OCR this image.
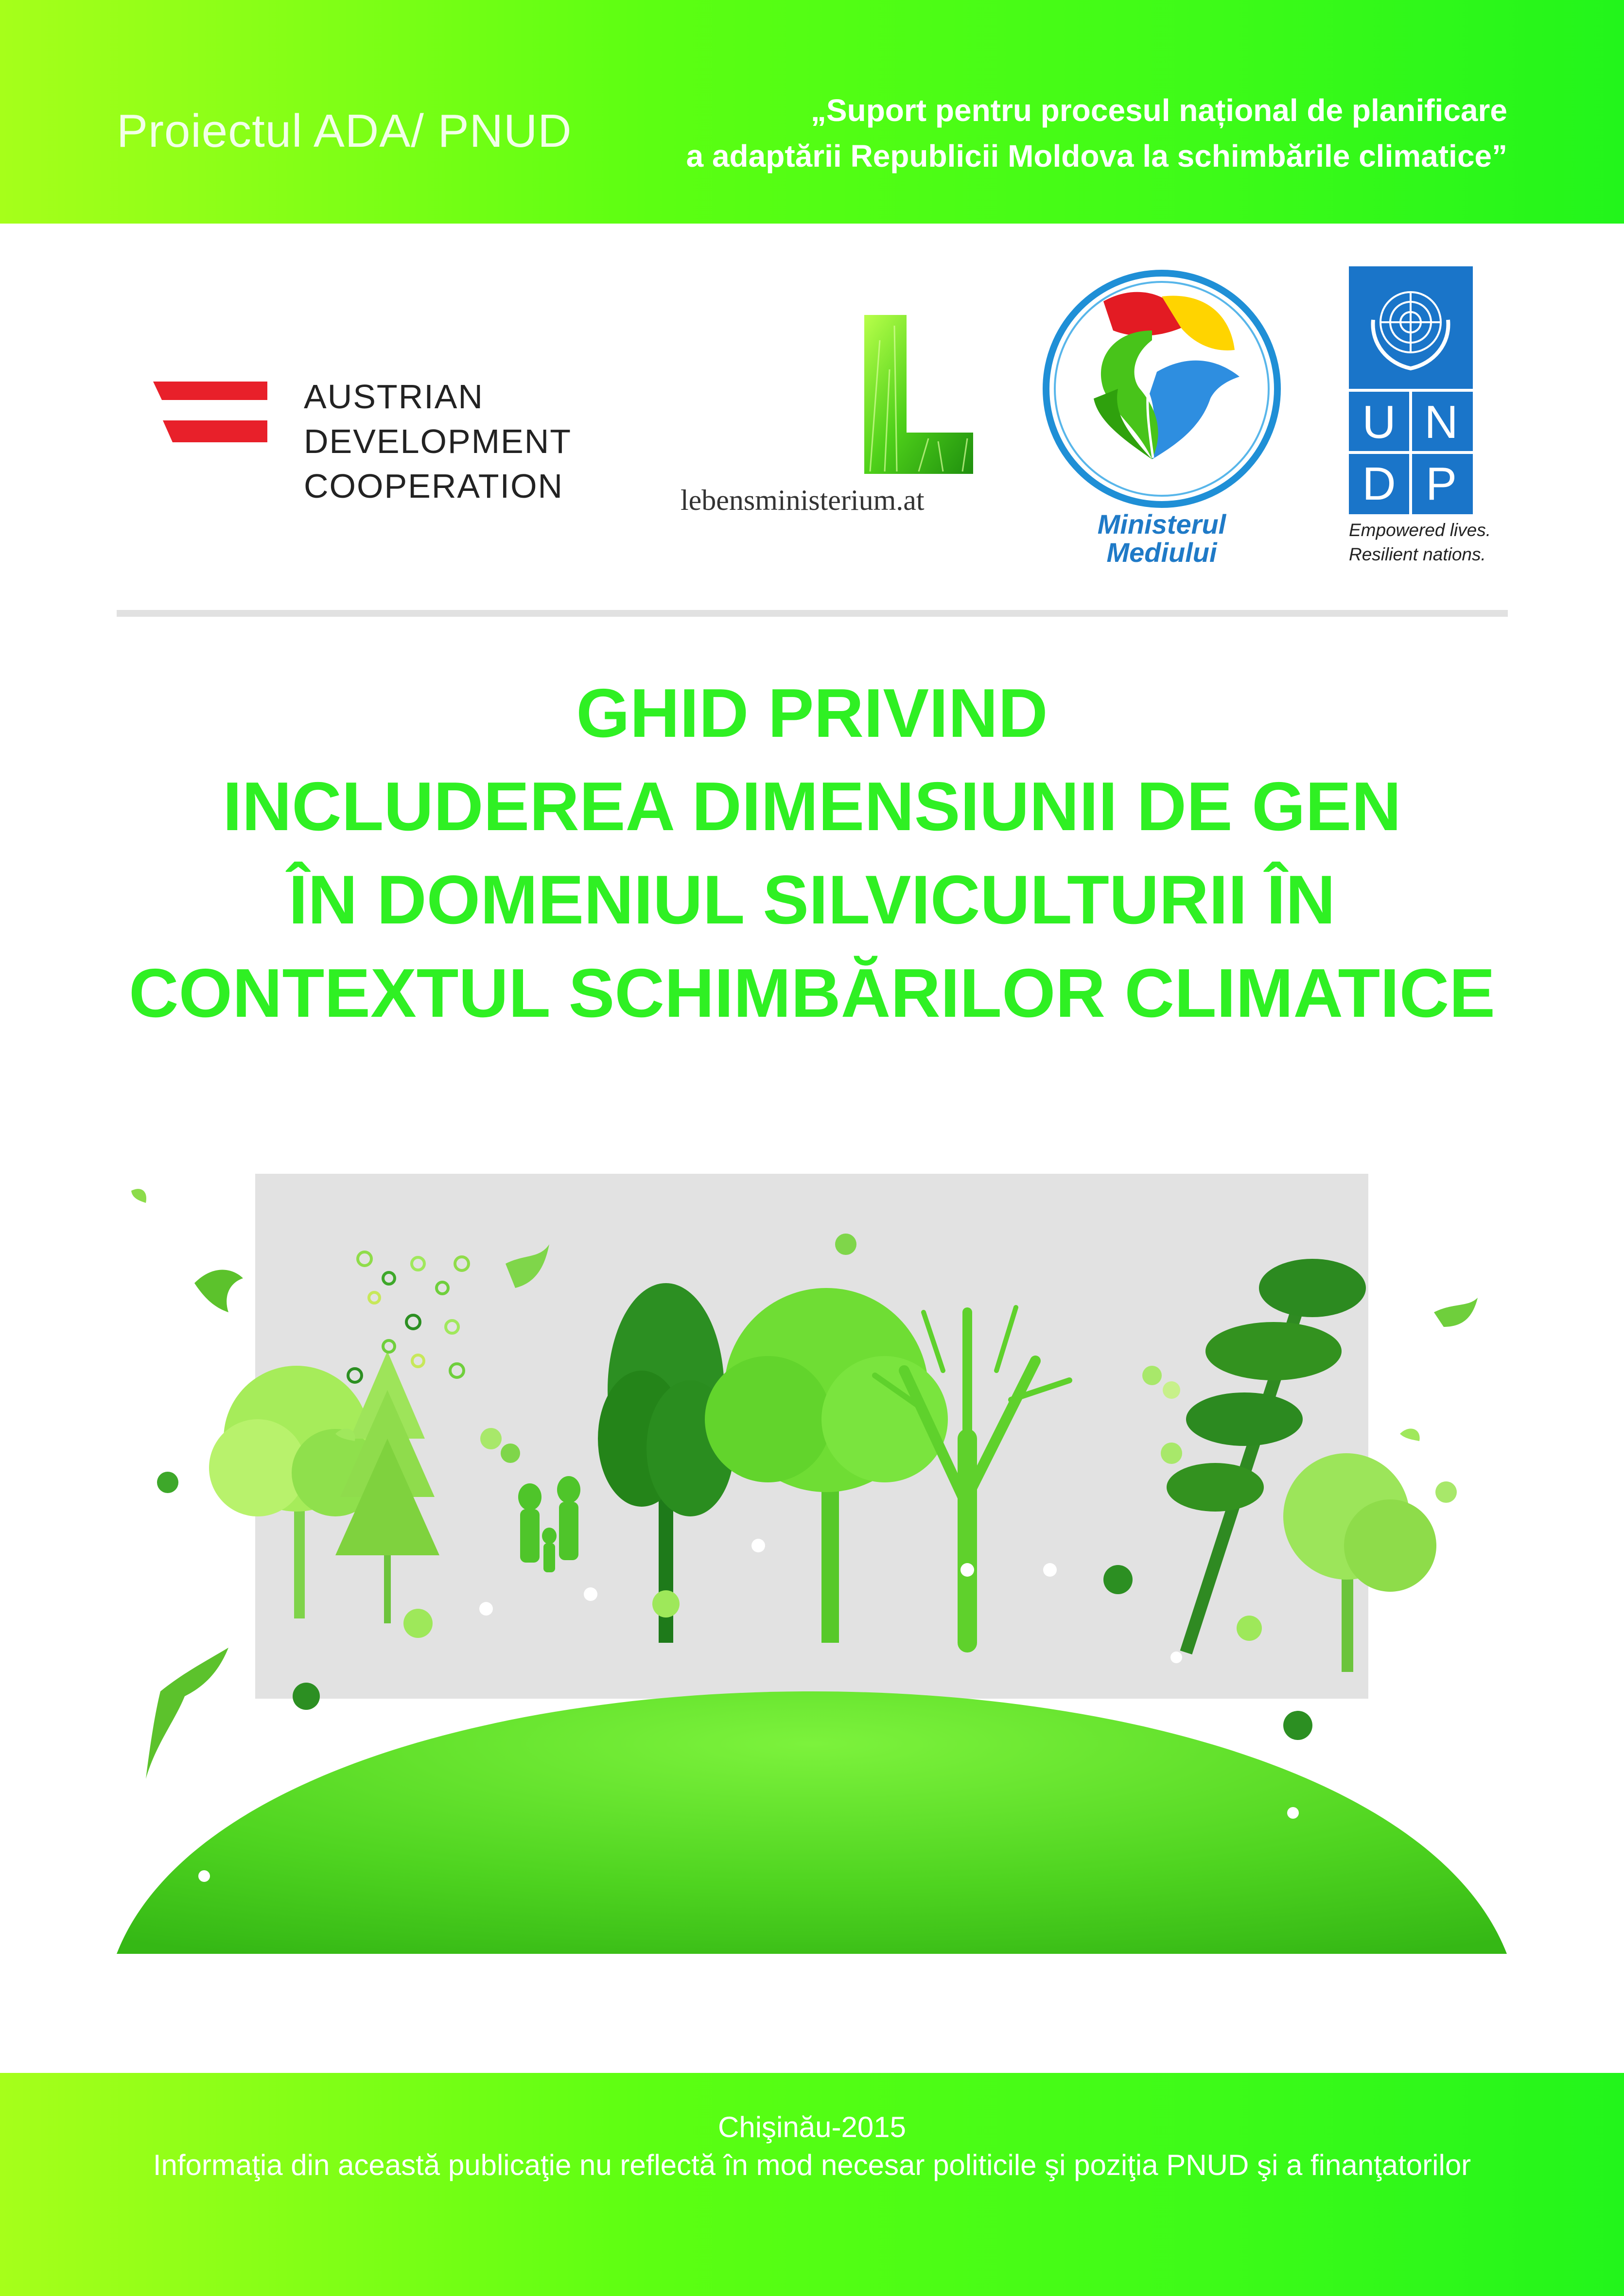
Proiectul ADA/ PNUD	„Suport pentru procesul național de planificare
a adaptării Republicii Moldova la schimbările climatice”
AUSTRIAN
DEVELOPMENT
COOPERATION	lebensministerium.at
Ministerul
Mediului
U N
D P
Empowered lives.
Resilient nations.
GHID PRIVIND
INCLUDEREA DIMENSIUNII DE GEN
ÎN DOMENIUL SILVICULTURII ÎN
CONTEXTUL SCHIMBĂRILOR CLIMATICE
Chişinău-2015
Informaţia din această publicaţie nu reflectă în mod necesar politicile şi poziţia PNUD şi a finanţatorilor
